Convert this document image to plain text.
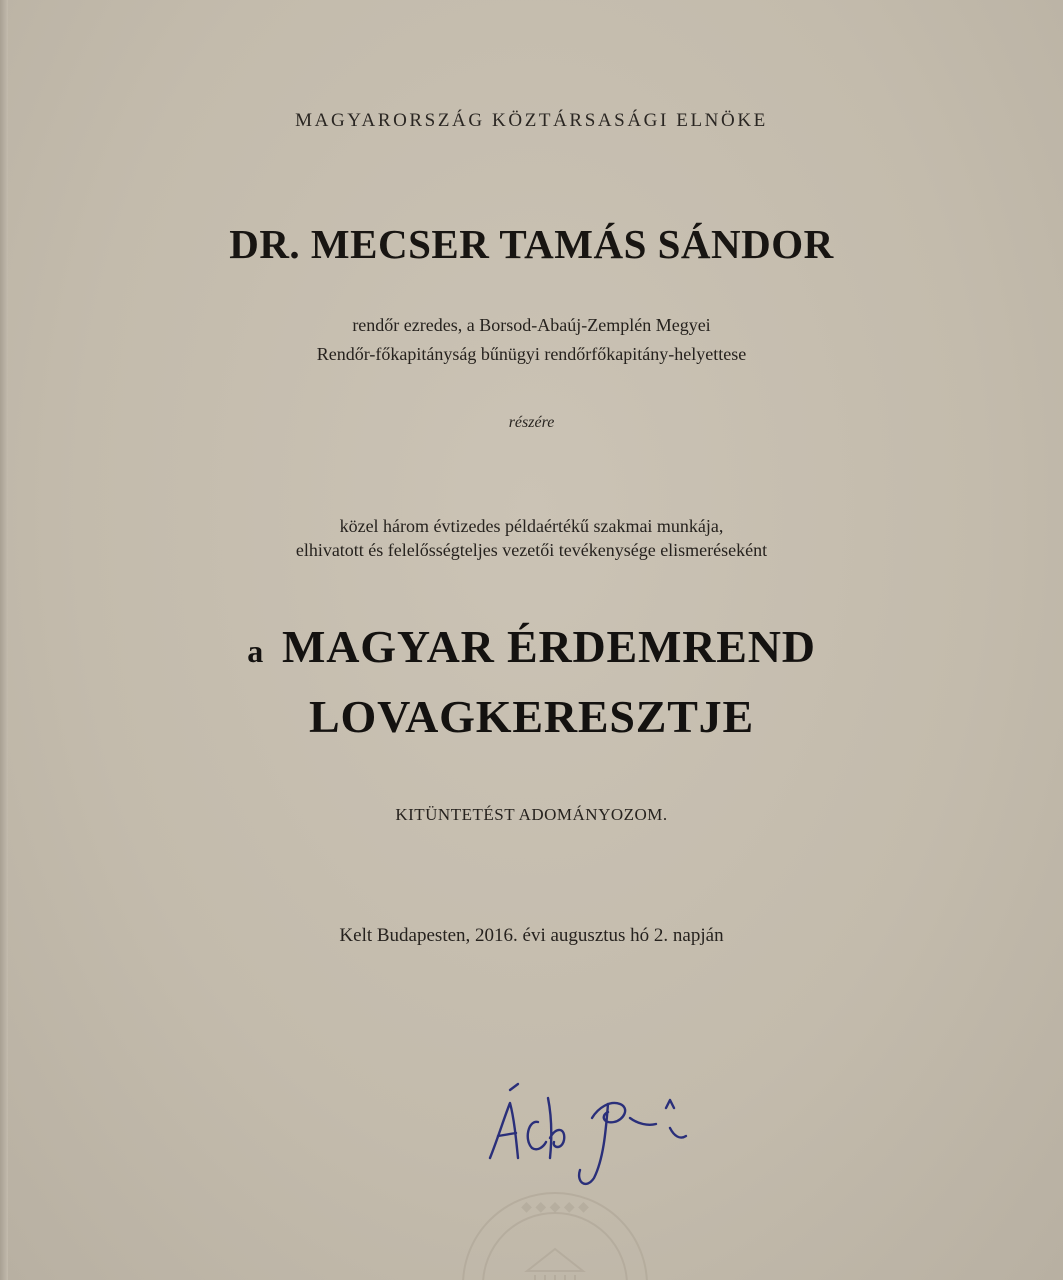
MAGYARORSZÁG KÖZTÁRSASÁGI ELNÖKE
DR. MECSER TAMÁS SÁNDOR
rendőr ezredes, a Borsod-Abaúj-Zemplén Megyei
Rendőr-főkapitányság bűnügyi rendőrfőkapitány-helyettese
részére
közel három évtizedes példaértékű szakmai munkája,
elhivatott és felelősségteljes vezetői tevékenysége elismeréseként
a MAGYAR ÉRDEMREND
LOVAGKERESZTJE
KITÜNTETÉST ADOMÁNYOZOM.
Kelt Budapesten, 2016. évi augusztus hó 2. napján
◆ ◆ ◆ ◆ ◆
